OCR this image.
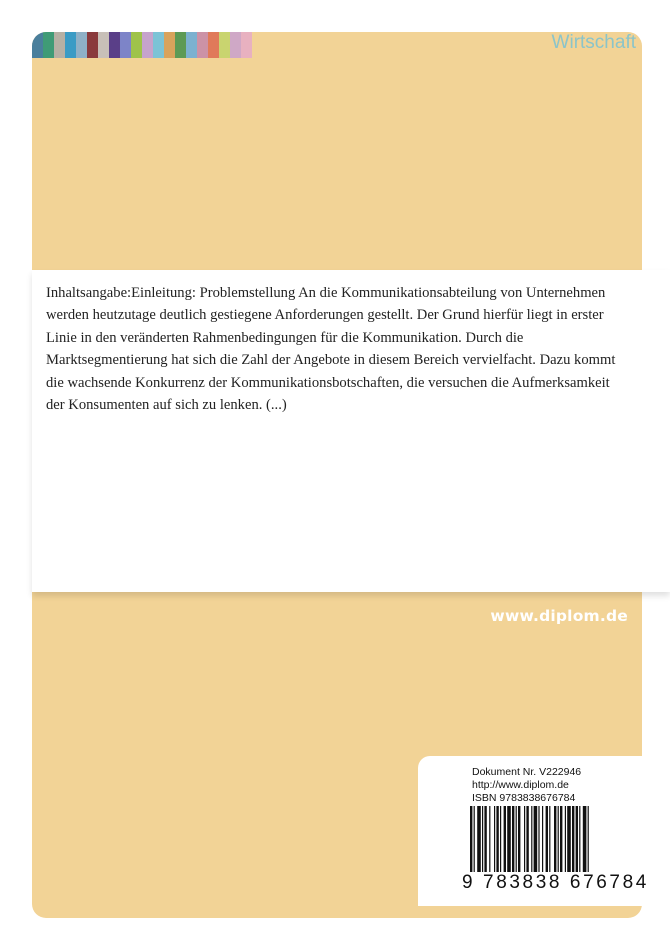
Wirtschaft

Inhaltsangabe:Einleitung: Problemstellung An die Kommunikationsabteilung von Unternehmen werden heutzutage deutlich gestiegene Anforderungen gestellt. Der Grund hierfür liegt in erster Linie in den veränderten Rahmenbedingungen für die Kommunikation. Durch die Marktsegmentierung hat sich die Zahl der Angebote in diesem Bereich vervielfacht. Dazu kommt die wachsende Konkurrenz der Kommunikationsbotschaften, die versuchen die Aufmerksamkeit der Konsumenten auf sich zu lenken. (...)

www.diplom.de
Dokument Nr. V222946
http://www.diplom.de
ISBN 9783838676784
9 783838 676784
